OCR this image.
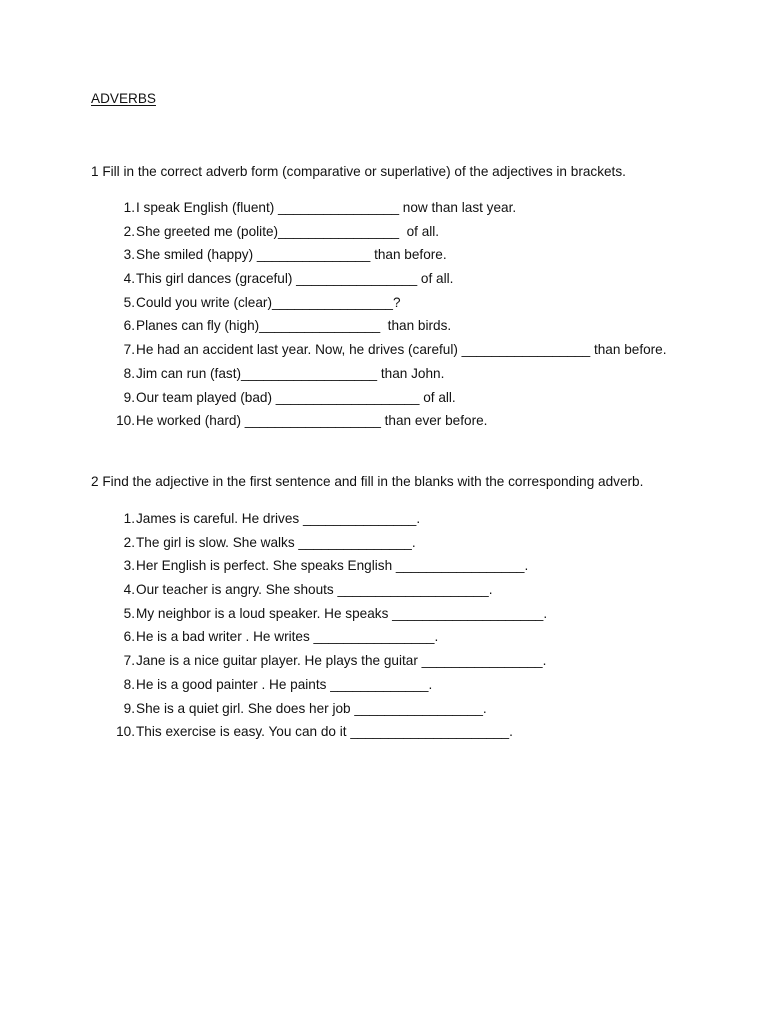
ADVERBS
1 Fill in the correct adverb form (comparative or superlative) of the adjectives in brackets.
1. I speak English (fluent) ________________ now than last year.
2. She greeted me (polite)________________  of all.
3. She smiled (happy) _______________ than before.
4. This girl dances (graceful) ________________ of all.
5. Could you write (clear)________________?
6. Planes can fly (high)________________  than birds.
7. He had an accident last year. Now, he drives (careful) _________________ than before.
8. Jim can run (fast)__________________ than John.
9. Our team played (bad) ___________________ of all.
10. He worked (hard) __________________ than ever before.
2 Find the adjective in the first sentence and fill in the blanks with the corresponding adverb.
1. James is careful. He drives _______________.
2. The girl is slow. She walks _______________.
3. Her English is perfect. She speaks English _________________.
4. Our teacher is angry. She shouts ____________________.
5. My neighbor is a loud speaker. He speaks ____________________.
6. He is a bad writer . He writes ________________.
7. Jane is a nice guitar player. He plays the guitar ________________.
8. He is a good painter . He paints _____________.
9. She is a quiet girl. She does her job _________________.
10. This exercise is easy. You can do it _____________________.
